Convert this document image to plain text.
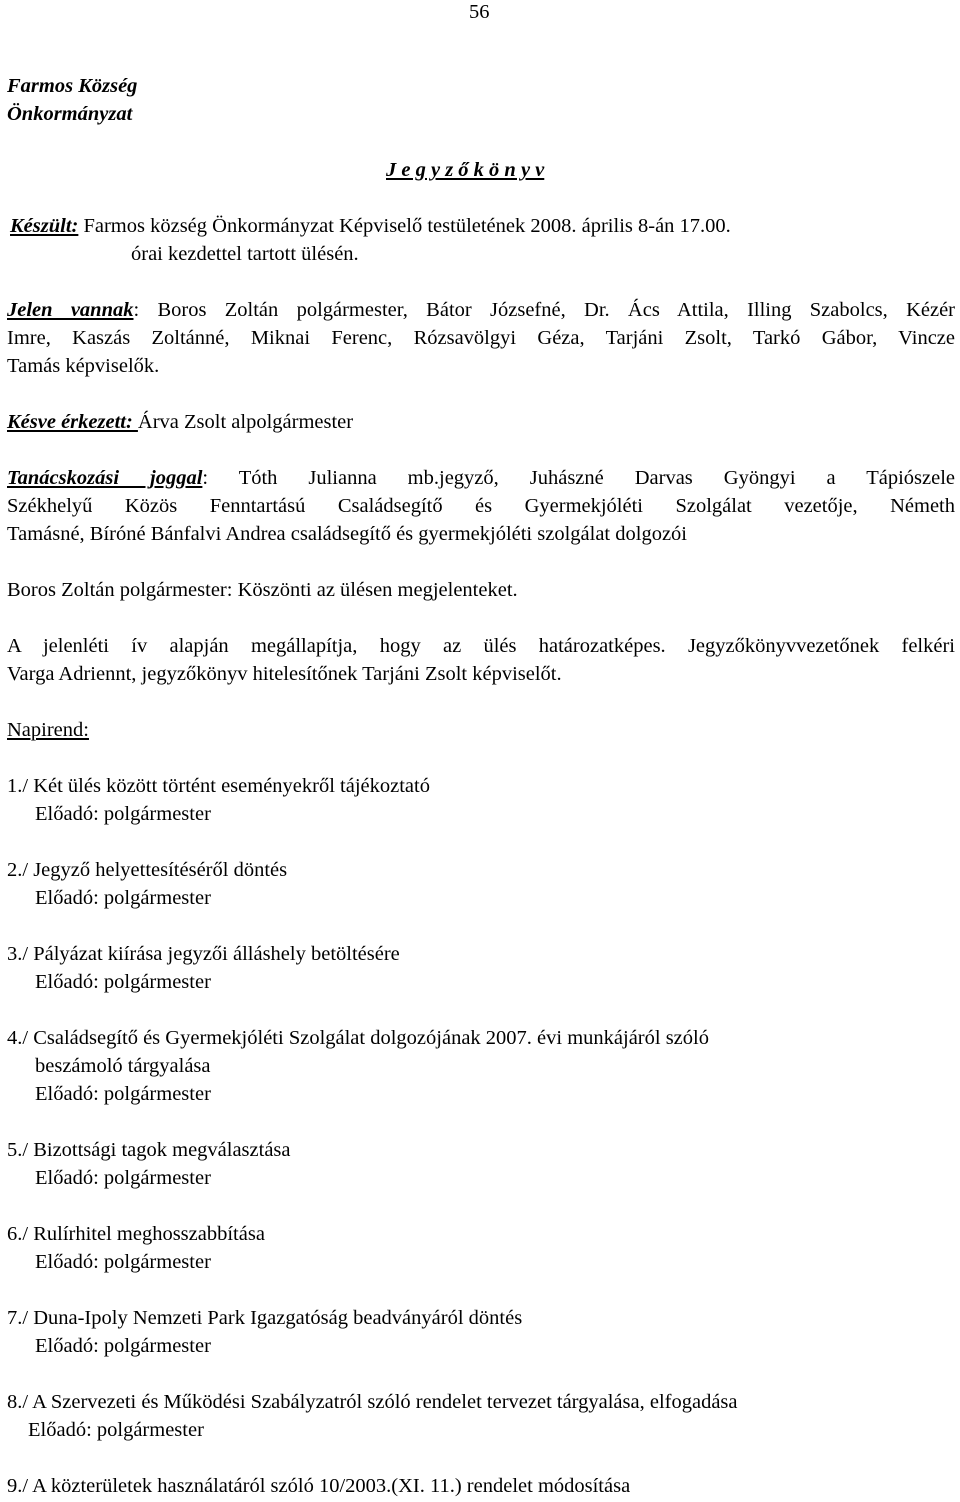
56
Farmos Község
Önkormányzat
J e g y z ő k ö n y v
Készült: Farmos község Önkormányzat Képviselő testületének 2008. április 8-án 17.00.
órai kezdettel tartott ülésén.
Jelen vannak: Boros Zoltán polgármester, Bátor Józsefné, Dr. Ács Attila, Illing Szabolcs, Kézér
Imre, Kaszás Zoltánné, Miknai Ferenc, Rózsavölgyi Géza, Tarjáni Zsolt, Tarkó Gábor, Vincze
Tamás képviselők.
Késve érkezett: Árva Zsolt alpolgármester
Tanácskozási joggal: Tóth Julianna mb.jegyző, Juhászné Darvas Gyöngyi a Tápiószele
Székhelyű Közös Fenntartású Családsegítő és Gyermekjóléti Szolgálat vezetője, Németh
Tamásné, Bíróné Bánfalvi Andrea családsegítő és gyermekjóléti szolgálat dolgozói
Boros Zoltán polgármester: Köszönti az ülésen megjelenteket.
A jelenléti ív alapján megállapítja, hogy az ülés határozatképes. Jegyzőkönyvvezetőnek felkéri
Varga Adriennt, jegyzőkönyv hitelesítőnek Tarjáni Zsolt képviselőt.
Napirend:
1./ Két ülés között történt eseményekről tájékoztató
Előadó: polgármester
2./ Jegyző helyettesítéséről döntés
Előadó: polgármester
3./ Pályázat kiírása jegyzői álláshely betöltésére
Előadó: polgármester
4./ Családsegítő és Gyermekjóléti Szolgálat dolgozójának 2007. évi munkájáról szóló
beszámoló tárgyalása
Előadó: polgármester
5./ Bizottsági tagok megválasztása
Előadó: polgármester
6./ Rulírhitel meghosszabbítása
Előadó: polgármester
7./ Duna-Ipoly Nemzeti Park Igazgatóság beadványáról döntés
Előadó: polgármester
8./ A Szervezeti és Működési Szabályzatról szóló rendelet tervezet tárgyalása, elfogadása
Előadó: polgármester
9./ A közterületek használatáról szóló 10/2003.(XI. 11.) rendelet módosítása
